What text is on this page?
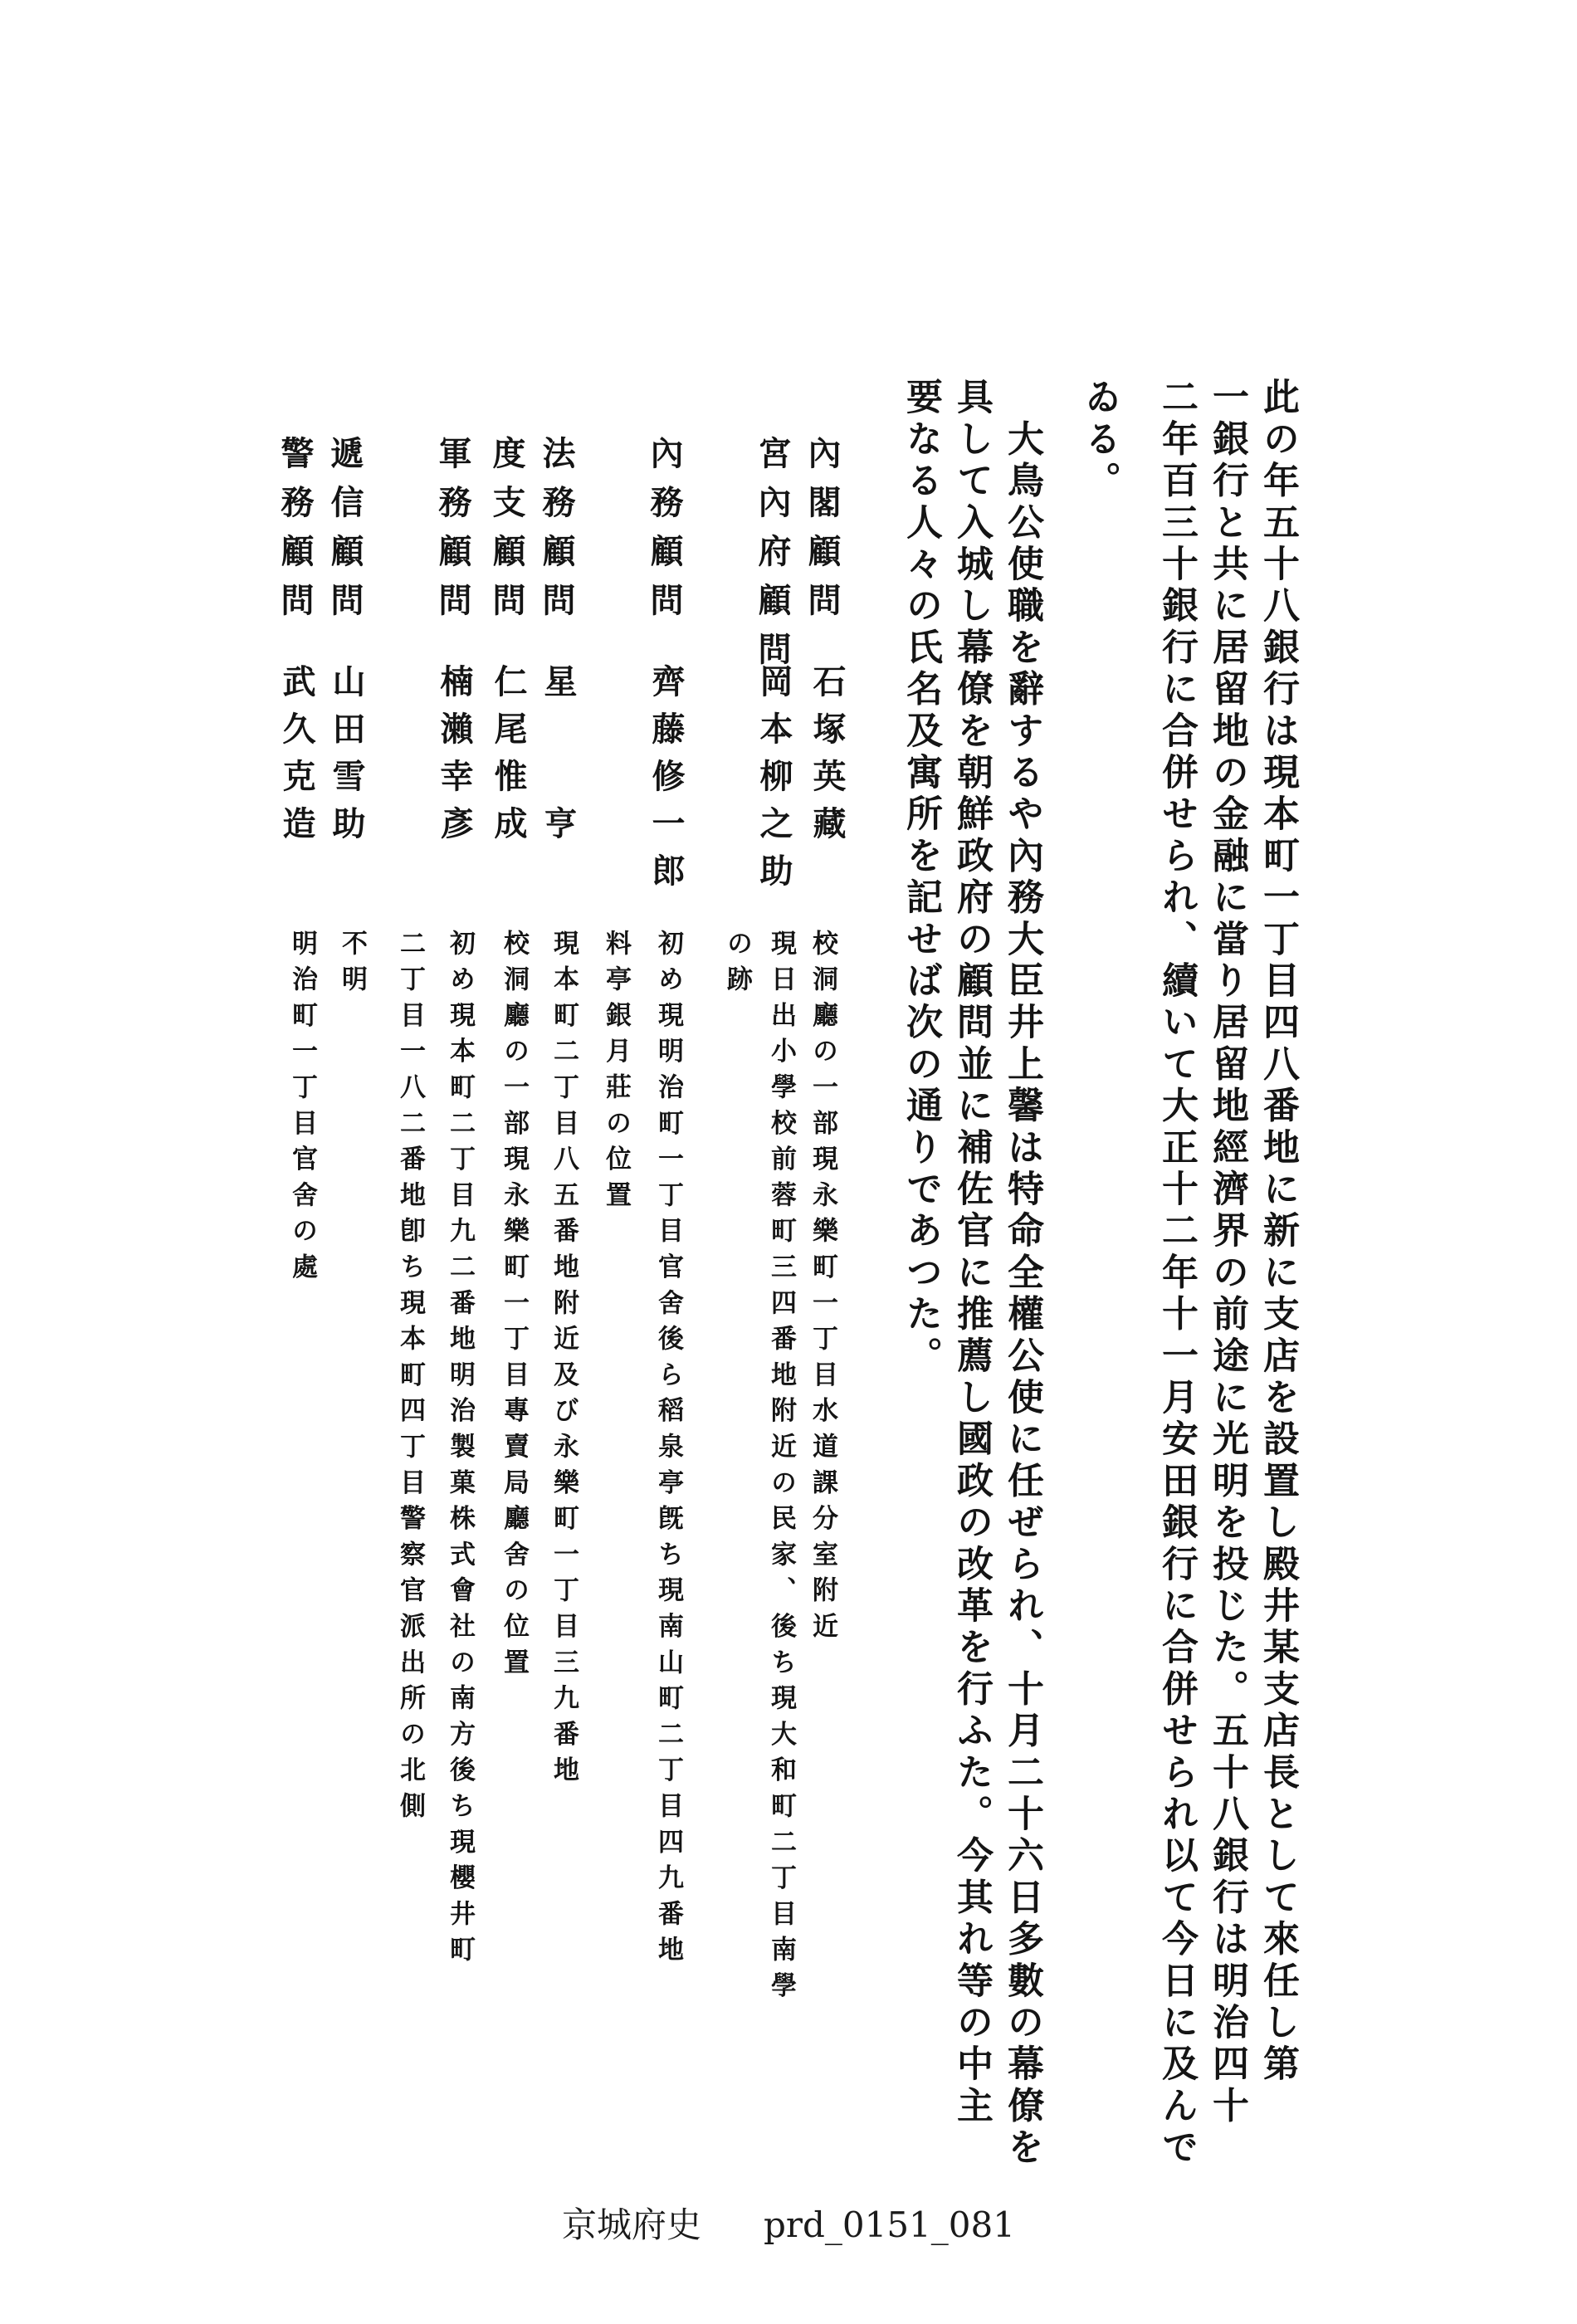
此の年五十八銀行は現本町一丁目四八番地に新に支店を設置し殿井某支店長として來任し第
一銀行と共に居留地の金融に當り居留地經濟界の前途に光明を投じた。五十八銀行は明治四十
二年百三十銀行に合併せられ、續いて大正十二年十一月安田銀行に合併せられ以て今日に及んで
ゐる。
　大鳥公使職を辭するや內務大臣井上馨は特命全權公使に任ぜられ、十月二十六日多數の幕僚を
具して入城し幕僚を朝鮮政府の顧問並に補佐官に推薦し國政の改革を行ふた。今其れ等の中主
要なる人々の氏名及寓所を記せば次の通りであつた。
內閣顧問
石塚英藏
校洞廳の一部現永樂町一丁目水道課分室附近
宮內府顧問
岡本柳之助
現日出小學校前蓉町三四番地附近の民家、後ち現大和町二丁目南學
の跡
內務顧問
齊藤修一郎
初め現明治町一丁目官舍後ら稻泉亭旣ち現南山町二丁目四九番地
料亭銀月莊の位置
法務顧問
星　　亨
現本町二丁目八五番地附近及び永樂町一丁目三九番地
度支顧問
仁尾惟成
校洞廳の一部現永樂町一丁目專賣局廳舍の位置
軍務顧問
楠瀨幸彥
初め現本町二丁目九二番地明治製菓株式會社の南方後ち現櫻井町
二丁目一八二番地卽ち現本町四丁目警察官派出所の北側
遞信顧問
山田雪助
不明
警務顧問
武久克造
明治町一丁目官舍の處
京城府史 prd_0151_081
